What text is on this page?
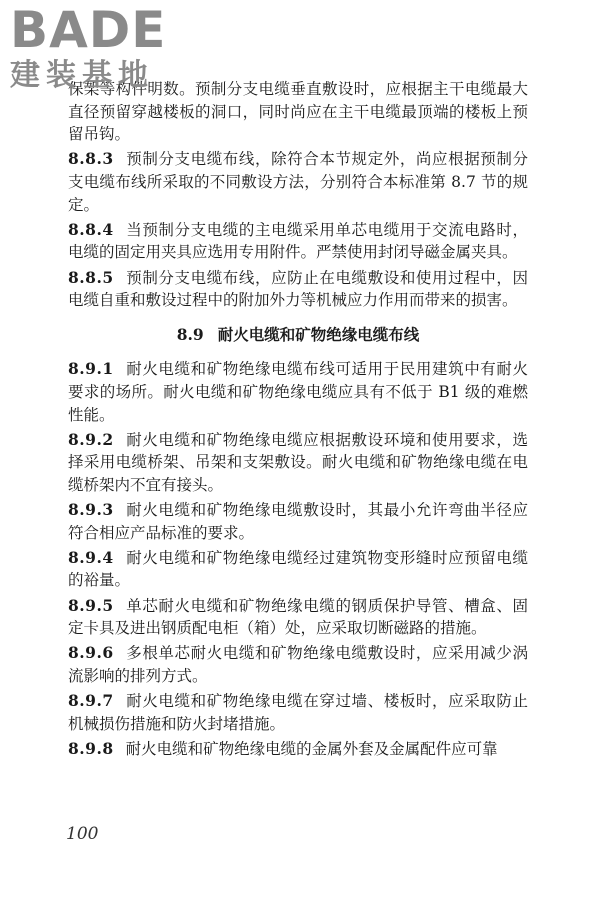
BADE
建装基地

保架等构件明数。预制分支电缆垂直敷设时，应根据主干电缆最大直径预留穿越楼板的洞口，同时尚应在主干电缆最顶端的楼板上预留吊钩。

8.8.3 预制分支电缆布线，除符合本节规定外，尚应根据预制分支电缆布线所采取的不同敷设方法，分别符合本标准第 8.7 节的规定。

8.8.4 当预制分支电缆的主电缆采用单芯电缆用于交流电路时，电缆的固定用夹具应选用专用附件。严禁使用封闭导磁金属夹具。

8.8.5 预制分支电缆布线，应防止在电缆敷设和使用过程中，因电缆自重和敷设过程中的附加外力等机械应力作用而带来的损害。

8.9 耐火电缆和矿物绝缘电缆布线

8.9.1 耐火电缆和矿物绝缘电缆布线可适用于民用建筑中有耐火要求的场所。耐火电缆和矿物绝缘电缆应具有不低于 B1 级的难燃性能。

8.9.2 耐火电缆和矿物绝缘电缆应根据敷设环境和使用要求，选择采用电缆桥架、吊架和支架敷设。耐火电缆和矿物绝缘电缆在电缆桥架内不宜有接头。

8.9.3 耐火电缆和矿物绝缘电缆敷设时，其最小允许弯曲半径应符合相应产品标准的要求。

8.9.4 耐火电缆和矿物绝缘电缆经过建筑物变形缝时应预留电缆的裕量。

8.9.5 单芯耐火电缆和矿物绝缘电缆的钢质保护导管、槽盒、固定卡具及进出钢质配电柜（箱）处，应采取切断磁路的措施。

8.9.6 多根单芯耐火电缆和矿物绝缘电缆敷设时，应采用减少涡流影响的排列方式。

8.9.7 耐火电缆和矿物绝缘电缆在穿过墙、楼板时，应采取防止机械损伤措施和防火封堵措施。

8.9.8 耐火电缆和矿物绝缘电缆的金属外套及金属配件应可靠

100
